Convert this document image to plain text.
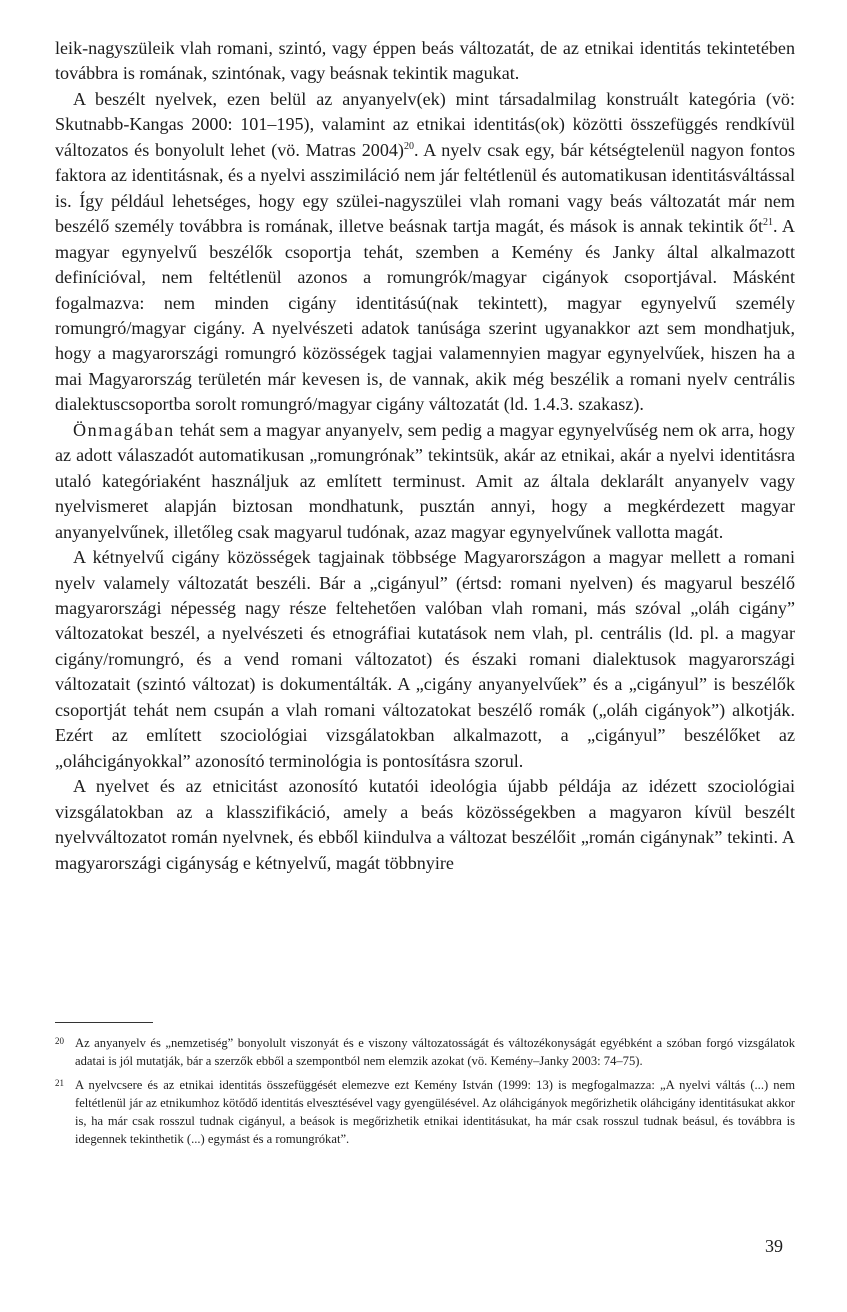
leik-nagyszüleik vlah romani, szintó, vagy éppen beás változatát, de az etnikai identitás tekintetében továbbra is romának, szintónak, vagy beásnak tekintik magukat.

A beszélt nyelvek, ezen belül az anyanyelv(ek) mint társadalmilag konstruált kategória (vö: Skutnabb-Kangas 2000: 101–195), valamint az etnikai identitás(ok) közötti összefüggés rendkívül változatos és bonyolult lehet (vö. Matras 2004)$^{20}$. A nyelv csak egy, bár kétségtelenül nagyon fontos faktora az identitásnak, és a nyelvi asszimiláció nem jár feltétlenül és automatikusan identitásváltással is. Így például lehetséges, hogy egy szülei-nagyszülei vlah romani vagy beás változatát már nem beszélő személy továbbra is romának, illetve beásnak tartja magát, és mások is annak tekintik $őt^{21}$. A magyar egynyelvű beszélők csoportja tehát, szemben a Kemény és Janky által alkalmazott definícióval, nem feltétlenül azonos a romungrók/magyar cigányok csoportjával. Másként fogalmazva: nem minden cigány identitású(nak tekintett), magyar egynyelvű személy romungró/magyar cigány. A nyelvészeti adatok tanúsága szerint ugyanakkor azt sem mondhatjuk, hogy a magyarországi romungró közösségek tagjai valamennyien magyar egynyelvűek, hiszen ha a mai Magyarország területén már kevesen is, de vannak, akik még beszélik a romani nyelv centrális dialektuscsoportba sorolt romungró/magyar cigány változatát (ld. 1.4.3. szakasz).

Önmagában tehát sem a magyar anyanyelv, sem pedig a magyar egynyelvűség nem ok arra, hogy az adott válaszadót automatikusan „romungrónak” tekintsük, akár az etnikai, akár a nyelvi identitásra utaló kategóriaként használjuk az említett terminust. Amit az általa deklarált anyanyelv vagy nyelvismeret alapján biztosan mondhatunk, pusztán annyi, hogy a megkérdezett magyar anyanyelvűnek, illetőleg csak magyarul tudónak, azaz magyar egynyelvűnek vallotta magát.

A kétnyelvű cigány közösségek tagjainak többsége Magyarországon a magyar mellett a romani nyelv valamely változatát beszéli. Bár a „cigányul” (értsd: romani nyelven) és magyarul beszélő magyarországi népesség nagy része feltehetően valóban vlah romani, más szóval „oláh cigány” változatokat beszél, a nyelvészeti és etnográfiai kutatások nem vlah, pl. centrális (ld. pl. a magyar cigány/romungró, és a vend romani változatot) és északi romani dialektusok magyarországi változatait (szintó változat) is dokumentálták. A „cigány anyanyelvűek” és a „cigányul” is beszélők csoportját tehát nem csupán a vlah romani változatokat beszélő romák („oláh cigányok”) alkotják. Ezért az említett szociológiai vizsgálatokban alkalmazott, a „cigányul” beszélőket az „oláhcigányokkal” azonosító terminológia is pontosításra szorul.

A nyelvet és az etnicitást azonosító kutatói ideológia újabb példája az idézett szociológiai vizsgálatokban az a klasszifikáció, amely a beás közösségekben a magyaron kívül beszélt nyelvváltozatot román nyelvnek, és ebből kiindulva a változat beszélőit „román cigánynak” tekinti. A magyarországi cigányság e kétnyelvű, magát többnyire

20 Az anyanyelv és „nemzetiség” bonyolult viszonyát és e viszony változatosságát és változékonyságát egyébként a szóban forgó vizsgálatok adatai is jól mutatják, bár a szerzők ebből a szempontból nem elemzik azokat (vö. Kemény–Janky 2003: 74–75).
21 A nyelvcsere és az etnikai identitás összefüggését elemezve ezt Kemény István (1999: 13) is megfogalmazza: „A nyelvi váltás (...) nem feltétlenül jár az etnikumhoz kötődő identitás elvesztésével vagy gyengülésével. Az oláhcigányok megőrizhetik oláhcigány identitásukat akkor is, ha már csak rosszul tudnak cigányul, a beások is megőrizhetik etnikai identitásukat, ha már csak rosszul tudnak beásul, és továbbra is idegennek tekinthetik (...) egymást és a romungrókat”.
39
